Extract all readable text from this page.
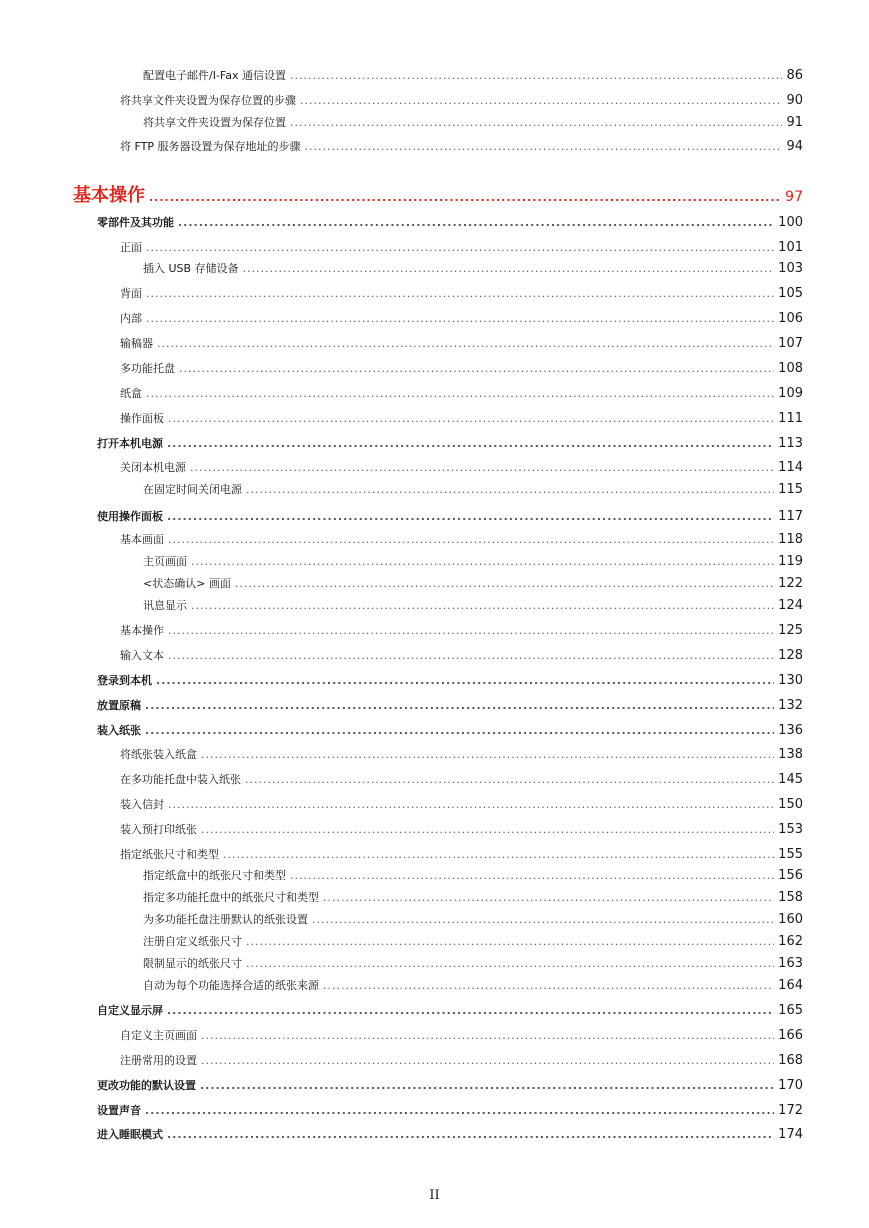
配置电子邮件/I-Fax 通信设置 .....	86
将共享文件夹设置为保存位置的步骤 .....	90
将共享文件夹设置为保存位置 .....	91
将 FTP 服务器设置为保存地址的步骤 .....	94
基本操作 .....	97
零部件及其功能 .....	100
正面 .....	101
插入 USB 存储设备 .....	103
背面 .....	105
内部 .....	106
输稿器 .....	107
多功能托盘 .....	108
纸盒 .....	109
操作面板 .....	111
打开本机电源 .....	113
关闭本机电源 .....	114
在固定时间关闭电源 .....	115
使用操作面板 .....	117
基本画面 .....	118
主页画面 .....	119
<状态确认> 画面 .....	122
讯息显示 .....	124
基本操作 .....	125
输入文本 .....	128
登录到本机 .....	130
放置原稿 .....	132
装入纸张 .....	136
将纸张装入纸盒 .....	138
在多功能托盘中装入纸张 .....	145
装入信封 .....	150
装入预打印纸张 .....	153
指定纸张尺寸和类型 .....	155
指定纸盒中的纸张尺寸和类型 .....	156
指定多功能托盘中的纸张尺寸和类型 .....	158
为多功能托盘注册默认的纸张设置 .....	160
注册自定义纸张尺寸 .....	162
限制显示的纸张尺寸 .....	163
自动为每个功能选择合适的纸张来源 .....	164
自定义显示屏 .....	165
自定义主页画面 .....	166
注册常用的设置 .....	168
更改功能的默认设置 .....	170
设置声音 .....	172
进入睡眠模式 .....	174
II
